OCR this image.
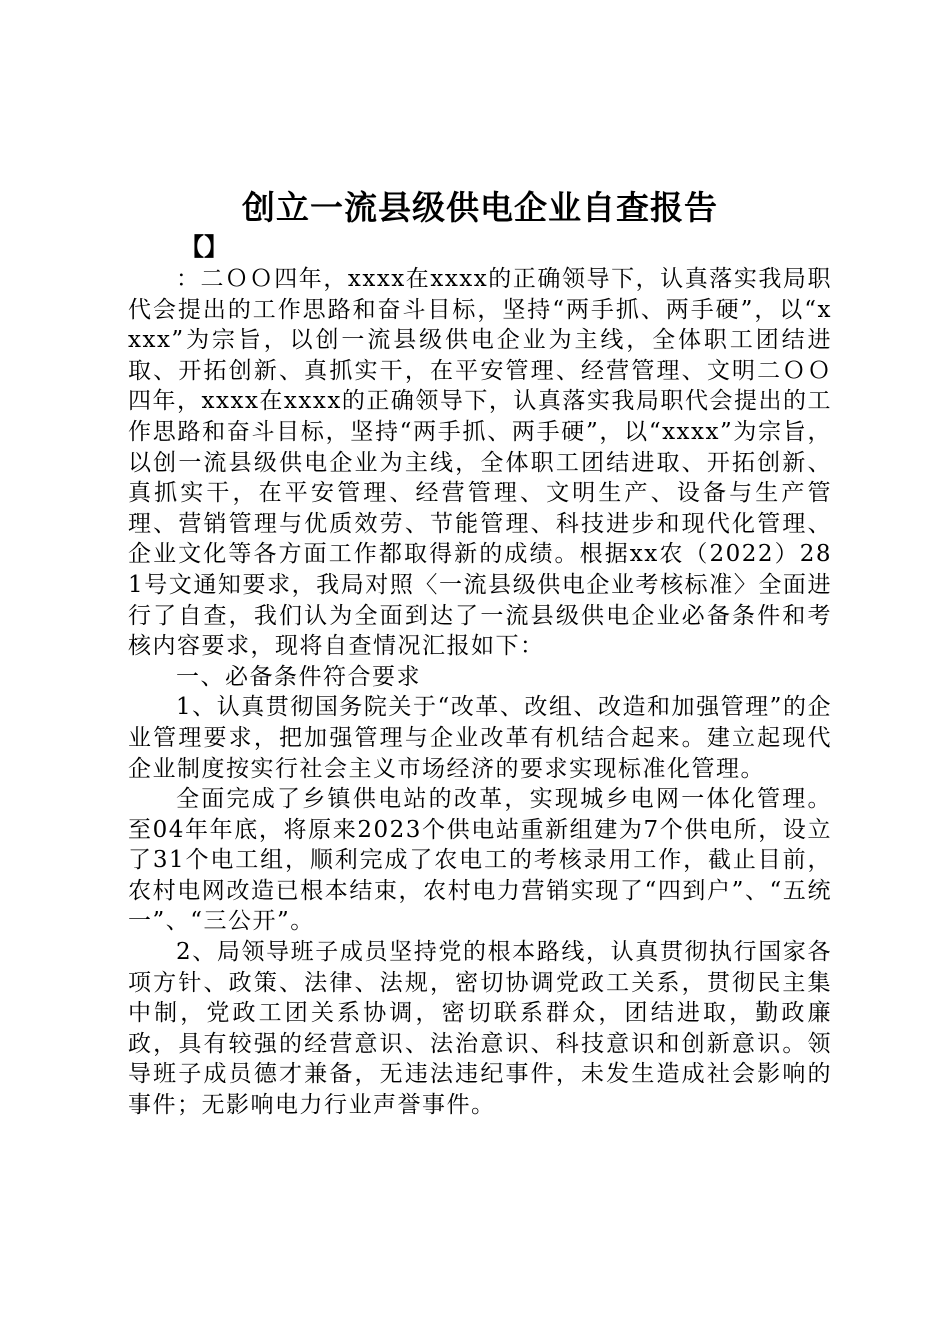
创立一流县级供电企业自查报告

【】

：二ＯＯ四年，xxxx在xxxx的正确领导下，认真落实我局职代会提出的工作思路和奋斗目标，坚持“两手抓、两手硬”，以“xxxx”为宗旨，以创一流县级供电企业为主线，全体职工团结进取、开拓创新、真抓实干，在平安管理、经营管理、文明二ＯＯ四年，xxxx在xxxx的正确领导下，认真落实我局职代会提出的工作思路和奋斗目标，坚持“两手抓、两手硬”，以“xxxx”为宗旨，以创一流县级供电企业为主线，全体职工团结进取、开拓创新、真抓实干，在平安管理、经营管理、文明生产、设备与生产管理、营销管理与优质效劳、节能管理、科技进步和现代化管理、企业文化等各方面工作都取得新的成绩。根据xx农（2022）281号文通知要求，我局对照〈一流县级供电企业考核标准〉全面进行了自查，我们认为全面到达了一流县级供电企业必备条件和考核内容要求，现将自查情况汇报如下：

一、必备条件符合要求

1、认真贯彻国务院关于“改革、改组、改造和加强管理”的企业管理要求，把加强管理与企业改革有机结合起来。建立起现代企业制度按实行社会主义市场经济的要求实现标准化管理。

全面完成了乡镇供电站的改革，实现城乡电网一体化管理。至04年年底，将原来2023个供电站重新组建为7个供电所，设立了31个电工组，顺利完成了农电工的考核录用工作，截止目前，农村电网改造已根本结束，农村电力营销实现了“四到户”、“五统一”、“三公开”。

2、局领导班子成员坚持党的根本路线，认真贯彻执行国家各项方针、政策、法律、法规，密切协调党政工关系，贯彻民主集中制，党政工团关系协调，密切联系群众，团结进取，勤政廉政，具有较强的经营意识、法治意识、科技意识和创新意识。领导班子成员德才兼备，无违法违纪事件，未发生造成社会影响的事件；无影响电力行业声誉事件。
